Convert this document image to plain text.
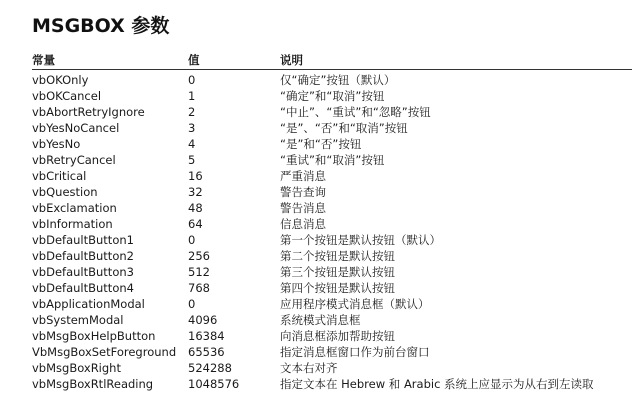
MSGBOX 参数
常量	值	说明
vbOKOnly	0	仅“确定”按钮（默认）
vbOKCancel	1	“确定”和“取消”按钮
vbAbortRetryIgnore	2	“中止”、“重试”和“忽略”按钮
vbYesNoCancel	3	“是”、“否”和“取消”按钮
vbYesNo	4	“是”和“否”按钮
vbRetryCancel	5	“重试”和“取消”按钮
vbCritical	16	严重消息
vbQuestion	32	警告查询
vbExclamation	48	警告消息
vbInformation	64	信息消息
vbDefaultButton1	0	第一个按钮是默认按钮（默认）
vbDefaultButton2	256	第二个按钮是默认按钮
vbDefaultButton3	512	第三个按钮是默认按钮
vbDefaultButton4	768	第四个按钮是默认按钮
vbApplicationModal	0	应用程序模式消息框（默认）
vbSystemModal	4096	系统模式消息框
vbMsgBoxHelpButton	16384	向消息框添加帮助按钮
VbMsgBoxSetForeground	65536	指定消息框窗口作为前台窗口
vbMsgBoxRight	524288	文本右对齐
vbMsgBoxRtlReading	1048576	指定文本在 Hebrew 和 Arabic 系统上应显示为从右到左读取
